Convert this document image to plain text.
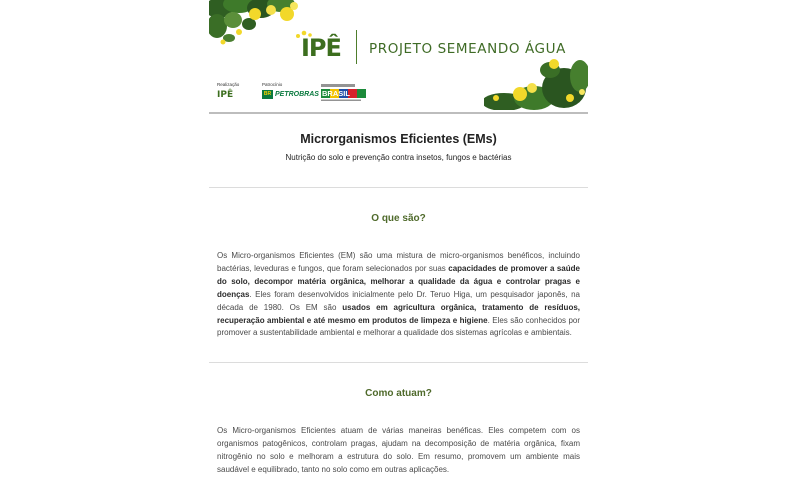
IPÊ PROJETO SEMEANDO ÁGUA
Realização
IPÊ
Patrocínio
BR PETROBRAS BRASIL
Microrganismos Eficientes (EMs)
Nutrição do solo e prevenção contra insetos, fungos e bactérias
O que são?
Os Micro-organismos Eficientes (EM) são uma mistura de micro-organismos benéficos, incluindo bactérias, leveduras e fungos, que foram selecionados por suas capacidades de promover a saúde do solo, decompor matéria orgânica, melhorar a qualidade da água e controlar pragas e doenças. Eles foram desenvolvidos inicialmente pelo Dr. Teruo Higa, um pesquisador japonês, na década de 1980. Os EM são usados em agricultura orgânica, tratamento de resíduos, recuperação ambiental e até mesmo em produtos de limpeza e higiene. Eles são conhecidos por promover a sustentabilidade ambiental e melhorar a qualidade dos sistemas agrícolas e ambientais.
Como atuam?
Os Micro-organismos Eficientes atuam de várias maneiras benéficas. Eles competem com os organismos patogênicos, controlam pragas, ajudam na decomposição de matéria orgânica, fixam nitrogênio no solo e melhoram a estrutura do solo. Em resumo, promovem um ambiente mais saudável e equilibrado, tanto no solo como em outras aplicações.
